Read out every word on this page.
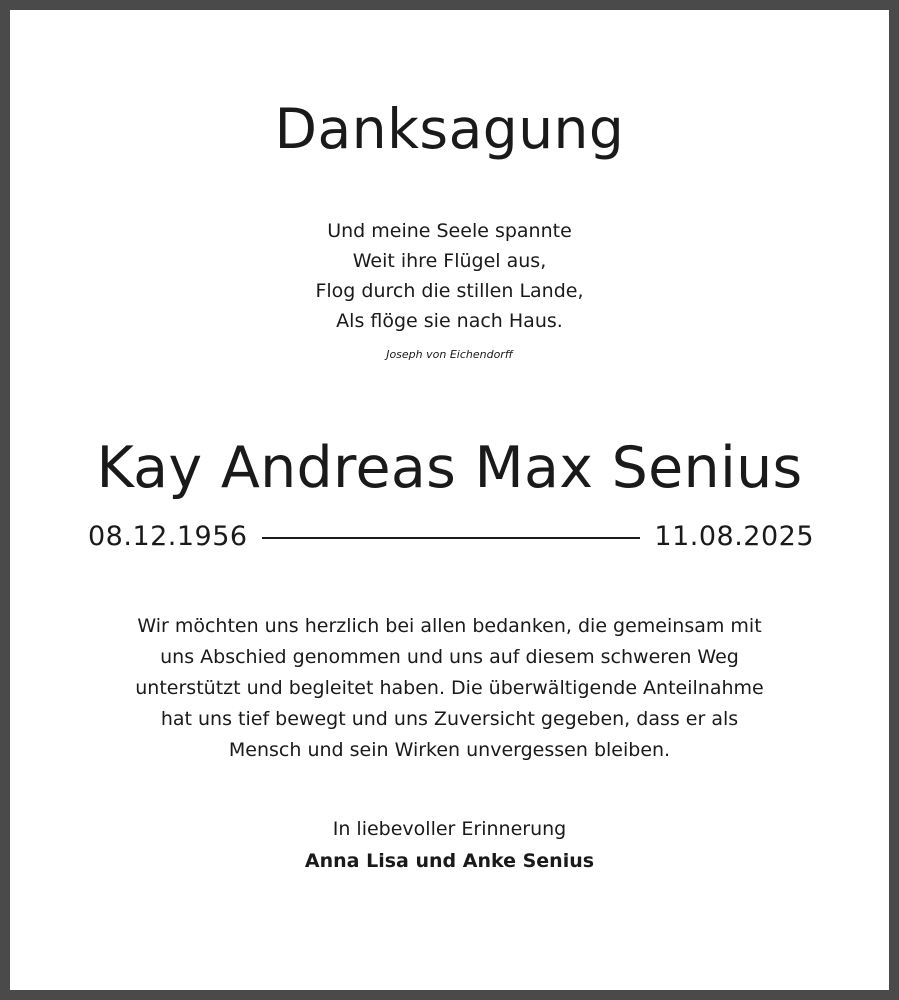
Danksagung
Und meine Seele spannte
Weit ihre Flügel aus,
Flog durch die stillen Lande,
Als flöge sie nach Haus.
Joseph von Eichendorff
Kay Andreas Max Senius
08.12.1956	11.08.2025
Wir möchten uns herzlich bei allen bedanken, die gemeinsam mit
uns Abschied genommen und uns auf diesem schweren Weg
unterstützt und begleitet haben. Die überwältigende Anteilnahme
hat uns tief bewegt und uns Zuversicht gegeben, dass er als
Mensch und sein Wirken unvergessen bleiben.
In liebevoller Erinnerung
Anna Lisa und Anke Senius
